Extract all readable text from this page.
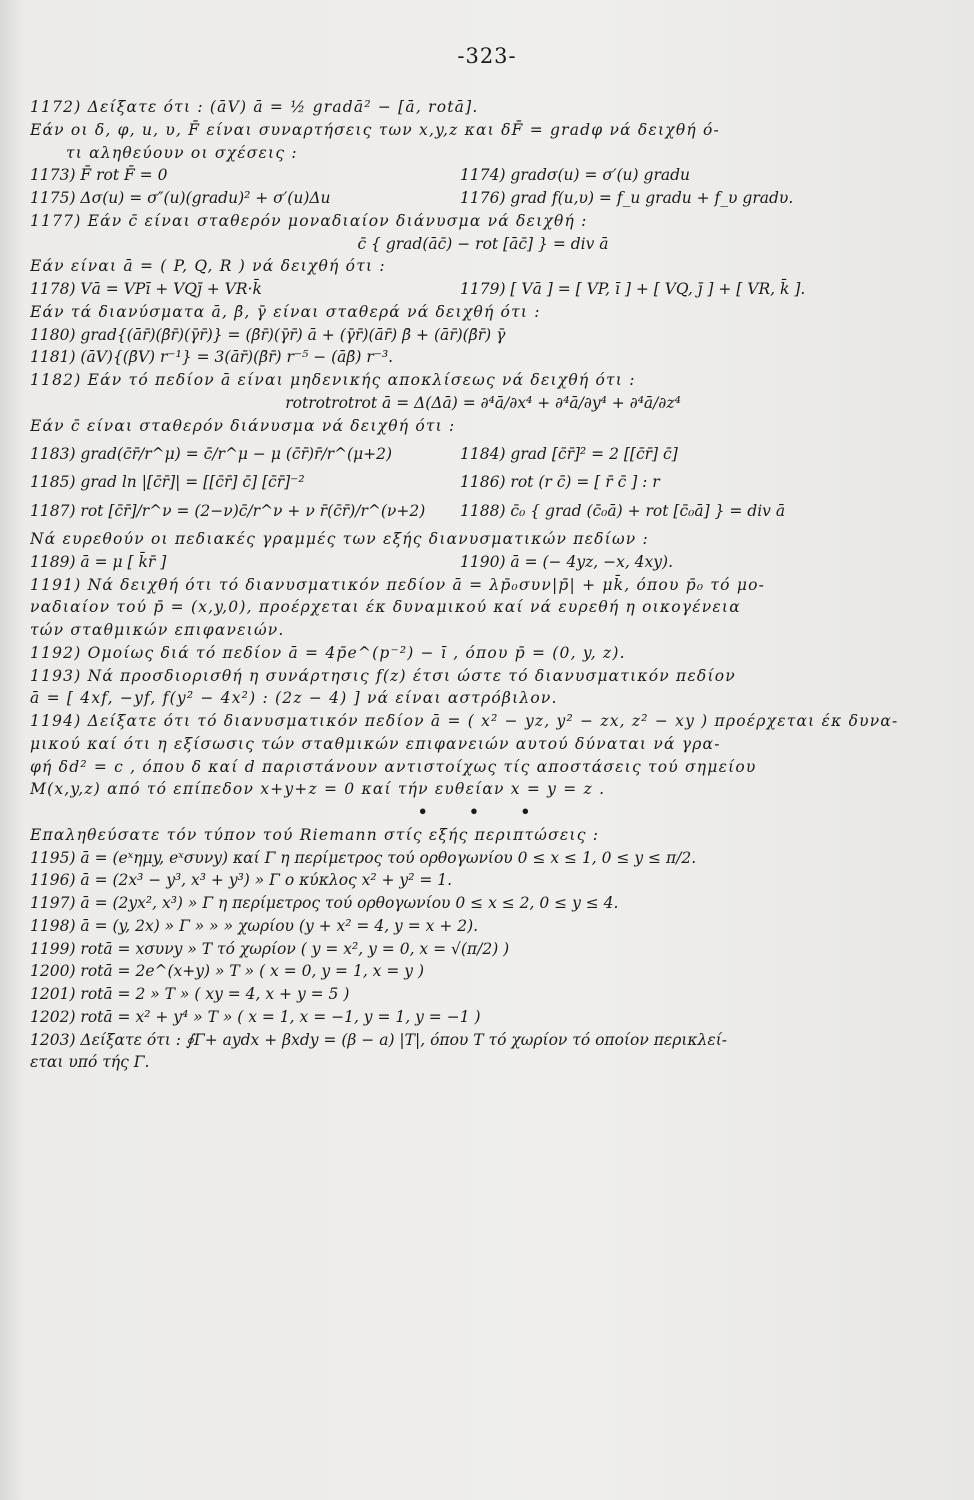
-323-
1172) Δείξατε ότι : (āV) ā = ½ gradā² − [ā, rotā].
Εάν οι δ, φ, u, υ, F̄ είναι συναρτήσεις των x,y,z και δF̄ = gradφ νά δειχθή ό-
τι αληθεύουν οι σχέσεις :
1173) F̄ rot F̄ = 0	1174) gradσ(u) = σ′(u) gradu
1175) Δσ(u) = σ″(u)(gradu)² + σ′(u)Δu	1176) grad f(u,υ) = f_u gradu + f_υ gradυ.
1177) Εάν c̄ είναι σταθερόν μοναδιαίον διάνυσμα νά δειχθή :
c̄ { grad(āc̄) − rot [āc̄] } = div ā
Εάν είναι ā = ( P, Q, R ) νά δειχθή ότι :
1178) Vā = VPī + VQj̄ + VR·k̄	1179) [ Vā ] = [ VP, ī ] + [ VQ, j̄ ] + [ VR, k̄ ].
Εάν τά διανύσματα ā, β̄, γ̄ είναι σταθερά νά δειχθή ότι :
1180) grad{(ār̄)(β̄r̄)(γ̄r̄)} = (β̄r̄)(γ̄r̄) ā + (γ̄r̄)(ār̄) β̄ + (ār̄)(β̄r̄) γ̄
1181) (āV){(β̄V) r⁻¹} = 3(ār̄)(β̄r̄) r⁻⁵ − (āβ̄) r⁻³.
1182) Εάν τό πεδίον ā είναι μηδενικής αποκλίσεως νά δειχθή ότι :
rotrotrotrot ā = Δ(Δā) = ∂⁴ā/∂x⁴ + ∂⁴ā/∂y⁴ + ∂⁴ā/∂z⁴
Εάν c̄ είναι σταθερόν διάνυσμα νά δειχθή ότι :
1183) grad(c̄r̄/r^μ) = c̄/r^μ − μ (c̄r̄)r̄/r^(μ+2)	1184) grad [c̄r̄]² = 2 [[c̄r̄] c̄]
1185) grad ln |[c̄r̄]| = [[c̄r̄] c̄] [c̄r̄]⁻²	1186) rot (r c̄) = [ r̄ c̄ ] : r
1187) rot [c̄r̄]/r^ν = (2−ν)c̄/r^ν + ν r̄(c̄r̄)/r^(ν+2)	1188) c̄₀ { grad (c̄₀ā) + rot [c̄₀ā] } = div ā
Νά ευρεθούν οι πεδιακές γραμμές των εξής διανυσματικών πεδίων :
1189) ā = μ [ k̄r̄ ]	1190) ā = (− 4yz, −x, 4xy).
1191) Νά δειχθή ότι τό διανυσματικόν πεδίον ā = λp̄₀συν|p̄| + μk̄, όπου p̄₀ τό μο-
ναδιαίον τού p̄ = (x,y,0), προέρχεται έκ δυναμικού καί νά ευρεθή η οικογένεια
τών σταθμικών επιφανειών.
1192) Ομοίως διά τό πεδίον ā = 4p̄e^(p⁻²) − ī , όπου p̄ = (0, y, z).
1193) Νά προσδιορισθή η συνάρτησις f(z) έτσι ώστε τό διανυσματικόν πεδίον
ā = [ 4xf, −yf, f(y² − 4x²) : (2z − 4) ] νά είναι αστρόβιλον.
1194) Δείξατε ότι τό διανυσματικόν πεδίον ā = ( x² − yz, y² − zx, z² − xy ) προέρχεται έκ δυνα-
μικού καί ότι η εξίσωσις τών σταθμικών επιφανειών αυτού δύναται νά γρα-
φή δd² = c , όπου δ καί d παριστάνουν αντιστοίχως τίς αποστάσεις τού σημείου
M(x,y,z) από τό επίπεδον x+y+z = 0 καί τήν ευθείαν x = y = z .
• • •
Επαληθεύσατε τόν τύπον τού Riemann στίς εξής περιπτώσεις :
1195) ā = (eˣημy, eˣσυνy) καί Γ η περίμετρος τού ορθογωνίου 0 ≤ x ≤ 1, 0 ≤ y ≤ π/2.
1196) ā = (2x³ − y³, x³ + y³) » Γ ο κύκλος x² + y² = 1.
1197) ā = (2yx², x³) » Γ η περίμετρος τού ορθογωνίου 0 ≤ x ≤ 2, 0 ≤ y ≤ 4.
1198) ā = (y, 2x) » Γ » » » χωρίου (y + x² = 4, y = x + 2).
1199) rotā = xσυνy » T τό χωρίον ( y = x², y = 0, x = √(π/2) )
1200) rotā = 2e^(x+y) » T » ( x = 0, y = 1, x = y )
1201) rotā = 2 » T » ( xy = 4, x + y = 5 )
1202) rotā = x² + y⁴ » T » ( x = 1, x = −1, y = 1, y = −1 )
1203) Δείξατε ότι : ∮Γ+ aydx + βxdy = (β − a) |T|, όπου T τό χωρίον τό οποίον περικλεί-
εται υπό τής Γ.
